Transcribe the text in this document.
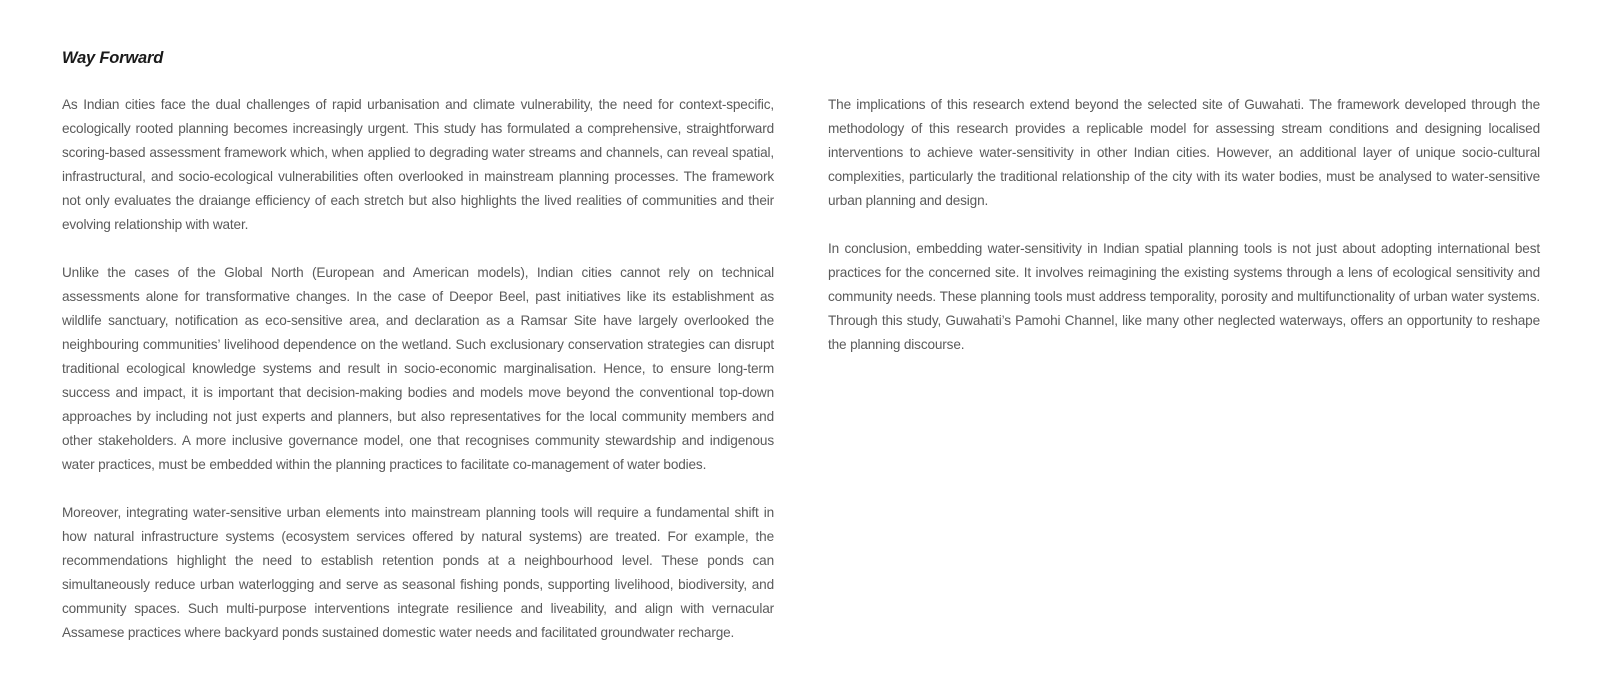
Way Forward

As Indian cities face the dual challenges of rapid urbanisation and climate vulnerability, the need for context-specific, ecologically rooted planning becomes increasingly urgent. This study has formulated a comprehensive, straightforward scoring-based assessment framework which, when applied to degrading water streams and channels, can reveal spatial, infrastructural, and socio-ecological vulnerabilities often overlooked in mainstream planning processes. The framework not only evaluates the draiange efficiency of each stretch but also highlights the lived realities of communities and their evolving relationship with water.

Unlike the cases of the Global North (European and American models), Indian cities cannot rely on technical assessments alone for transformative changes. In the case of Deepor Beel, past initiatives like its establishment as wildlife sanctuary, notification as eco-sensitive area, and declaration as a Ramsar Site have largely overlooked the neighbouring communities’ livelihood dependence on the wetland. Such exclusionary conservation strategies can disrupt traditional ecological knowledge systems and result in socio-economic marginalisation. Hence, to ensure long-term success and impact, it is important that decision-making bodies and models move beyond the conventional top-down approaches by including not just experts and planners, but also representatives for the local community members and other stakeholders. A more inclusive governance model, one that recognises community stewardship and indigenous water practices, must be embedded within the planning practices to facilitate co-management of water bodies.

Moreover, integrating water-sensitive urban elements into mainstream planning tools will require a fundamental shift in how natural infrastructure systems (ecosystem services offered by natural systems) are treated. For example, the recommendations highlight the need to establish retention ponds at a neighbourhood level. These ponds can simultaneously reduce urban waterlogging and serve as seasonal fishing ponds, supporting livelihood, biodiversity, and community spaces. Such multi-purpose interventions integrate resilience and liveability, and align with vernacular Assamese practices where backyard ponds sustained domestic water needs and facilitated groundwater recharge.

The implications of this research extend beyond the selected site of Guwahati. The framework developed through the methodology of this research provides a replicable model for assessing stream conditions and designing localised interventions to achieve water-sensitivity in other Indian cities. However, an additional layer of unique socio-cultural complexities, particularly the traditional relationship of the city with its water bodies, must be analysed to water-sensitive urban planning and design.

In conclusion, embedding water-sensitivity in Indian spatial planning tools is not just about adopting international best practices for the concerned site. It involves reimagining the existing systems through a lens of ecological sensitivity and community needs. These planning tools must address temporality, porosity and multifunctionality of urban water systems. Through this study, Guwahati’s Pamohi Channel, like many other neglected waterways, offers an opportunity to reshape the planning discourse.
